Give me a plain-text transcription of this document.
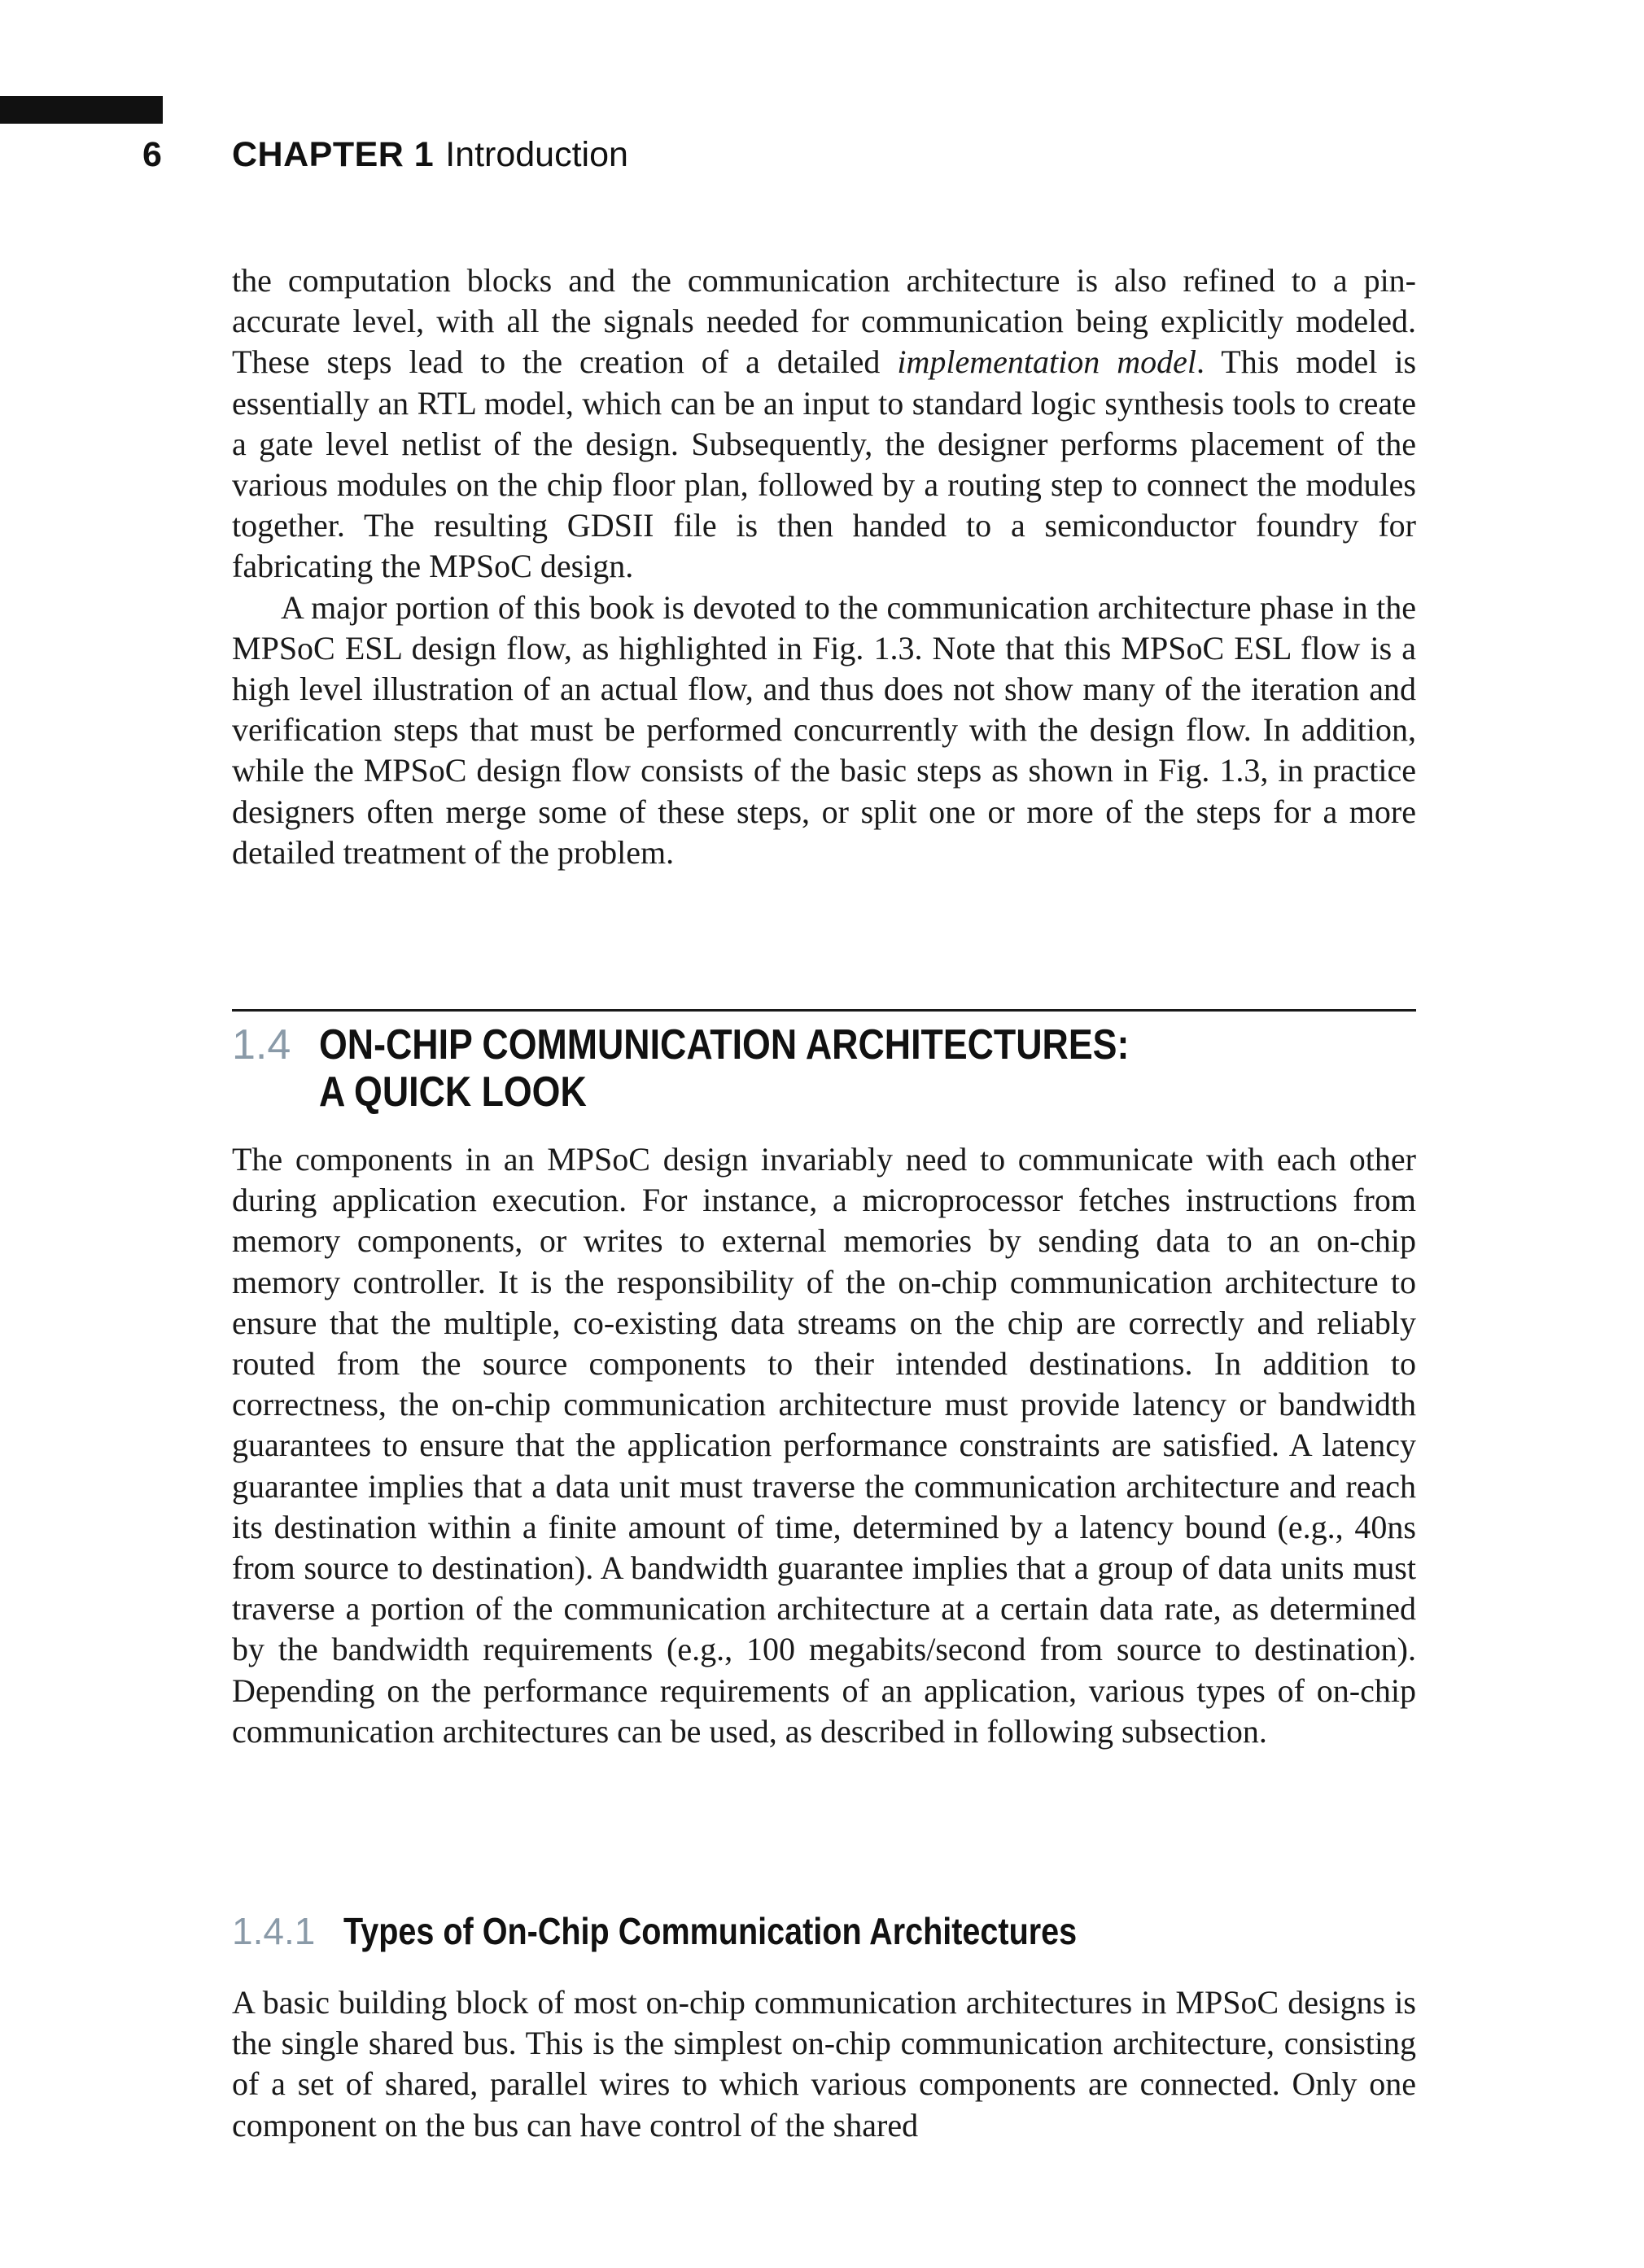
6	CHAPTER 1 Introduction

the computation blocks and the communication architecture is also refined to a pin-accurate level, with all the signals needed for communication being explicitly modeled. These steps lead to the creation of a detailed implementation model. This model is essentially an RTL model, which can be an input to standard logic synthesis tools to create a gate level netlist of the design. Subsequently, the designer performs placement of the various modules on the chip floor plan, followed by a routing step to connect the modules together. The resulting GDSII file is then handed to a semiconductor foundry for fabricating the MPSoC design.

A major portion of this book is devoted to the communication architecture phase in the MPSoC ESL design flow, as highlighted in Fig. 1.3. Note that this MPSoC ESL flow is a high level illustration of an actual flow, and thus does not show many of the iteration and verification steps that must be performed concurrently with the design flow. In addition, while the MPSoC design flow consists of the basic steps as shown in Fig. 1.3, in practice designers often merge some of these steps, or split one or more of the steps for a more detailed treatment of the problem.

1.4 ON-CHIP COMMUNICATION ARCHITECTURES:
A QUICK LOOK

The components in an MPSoC design invariably need to communicate with each other during application execution. For instance, a microprocessor fetches instructions from memory components, or writes to external memories by sending data to an on-chip memory controller. It is the responsibility of the on-chip communication architecture to ensure that the multiple, co-existing data streams on the chip are correctly and reliably routed from the source components to their intended destinations. In addition to correctness, the on-chip communication architecture must provide latency or bandwidth guarantees to ensure that the application performance constraints are satisfied. A latency guarantee implies that a data unit must traverse the communication architecture and reach its destination within a finite amount of time, determined by a latency bound (e.g., 40ns from source to destination). A bandwidth guarantee implies that a group of data units must traverse a portion of the communication architecture at a certain data rate, as determined by the bandwidth requirements (e.g., 100 megabits/second from source to destination). Depending on the performance requirements of an application, various types of on-chip communication architectures can be used, as described in following subsection.

1.4.1 Types of On-Chip Communication Architectures

A basic building block of most on-chip communication architectures in MPSoC designs is the single shared bus. This is the simplest on-chip communication architecture, consisting of a set of shared, parallel wires to which various components are connected. Only one component on the bus can have control of the shared
